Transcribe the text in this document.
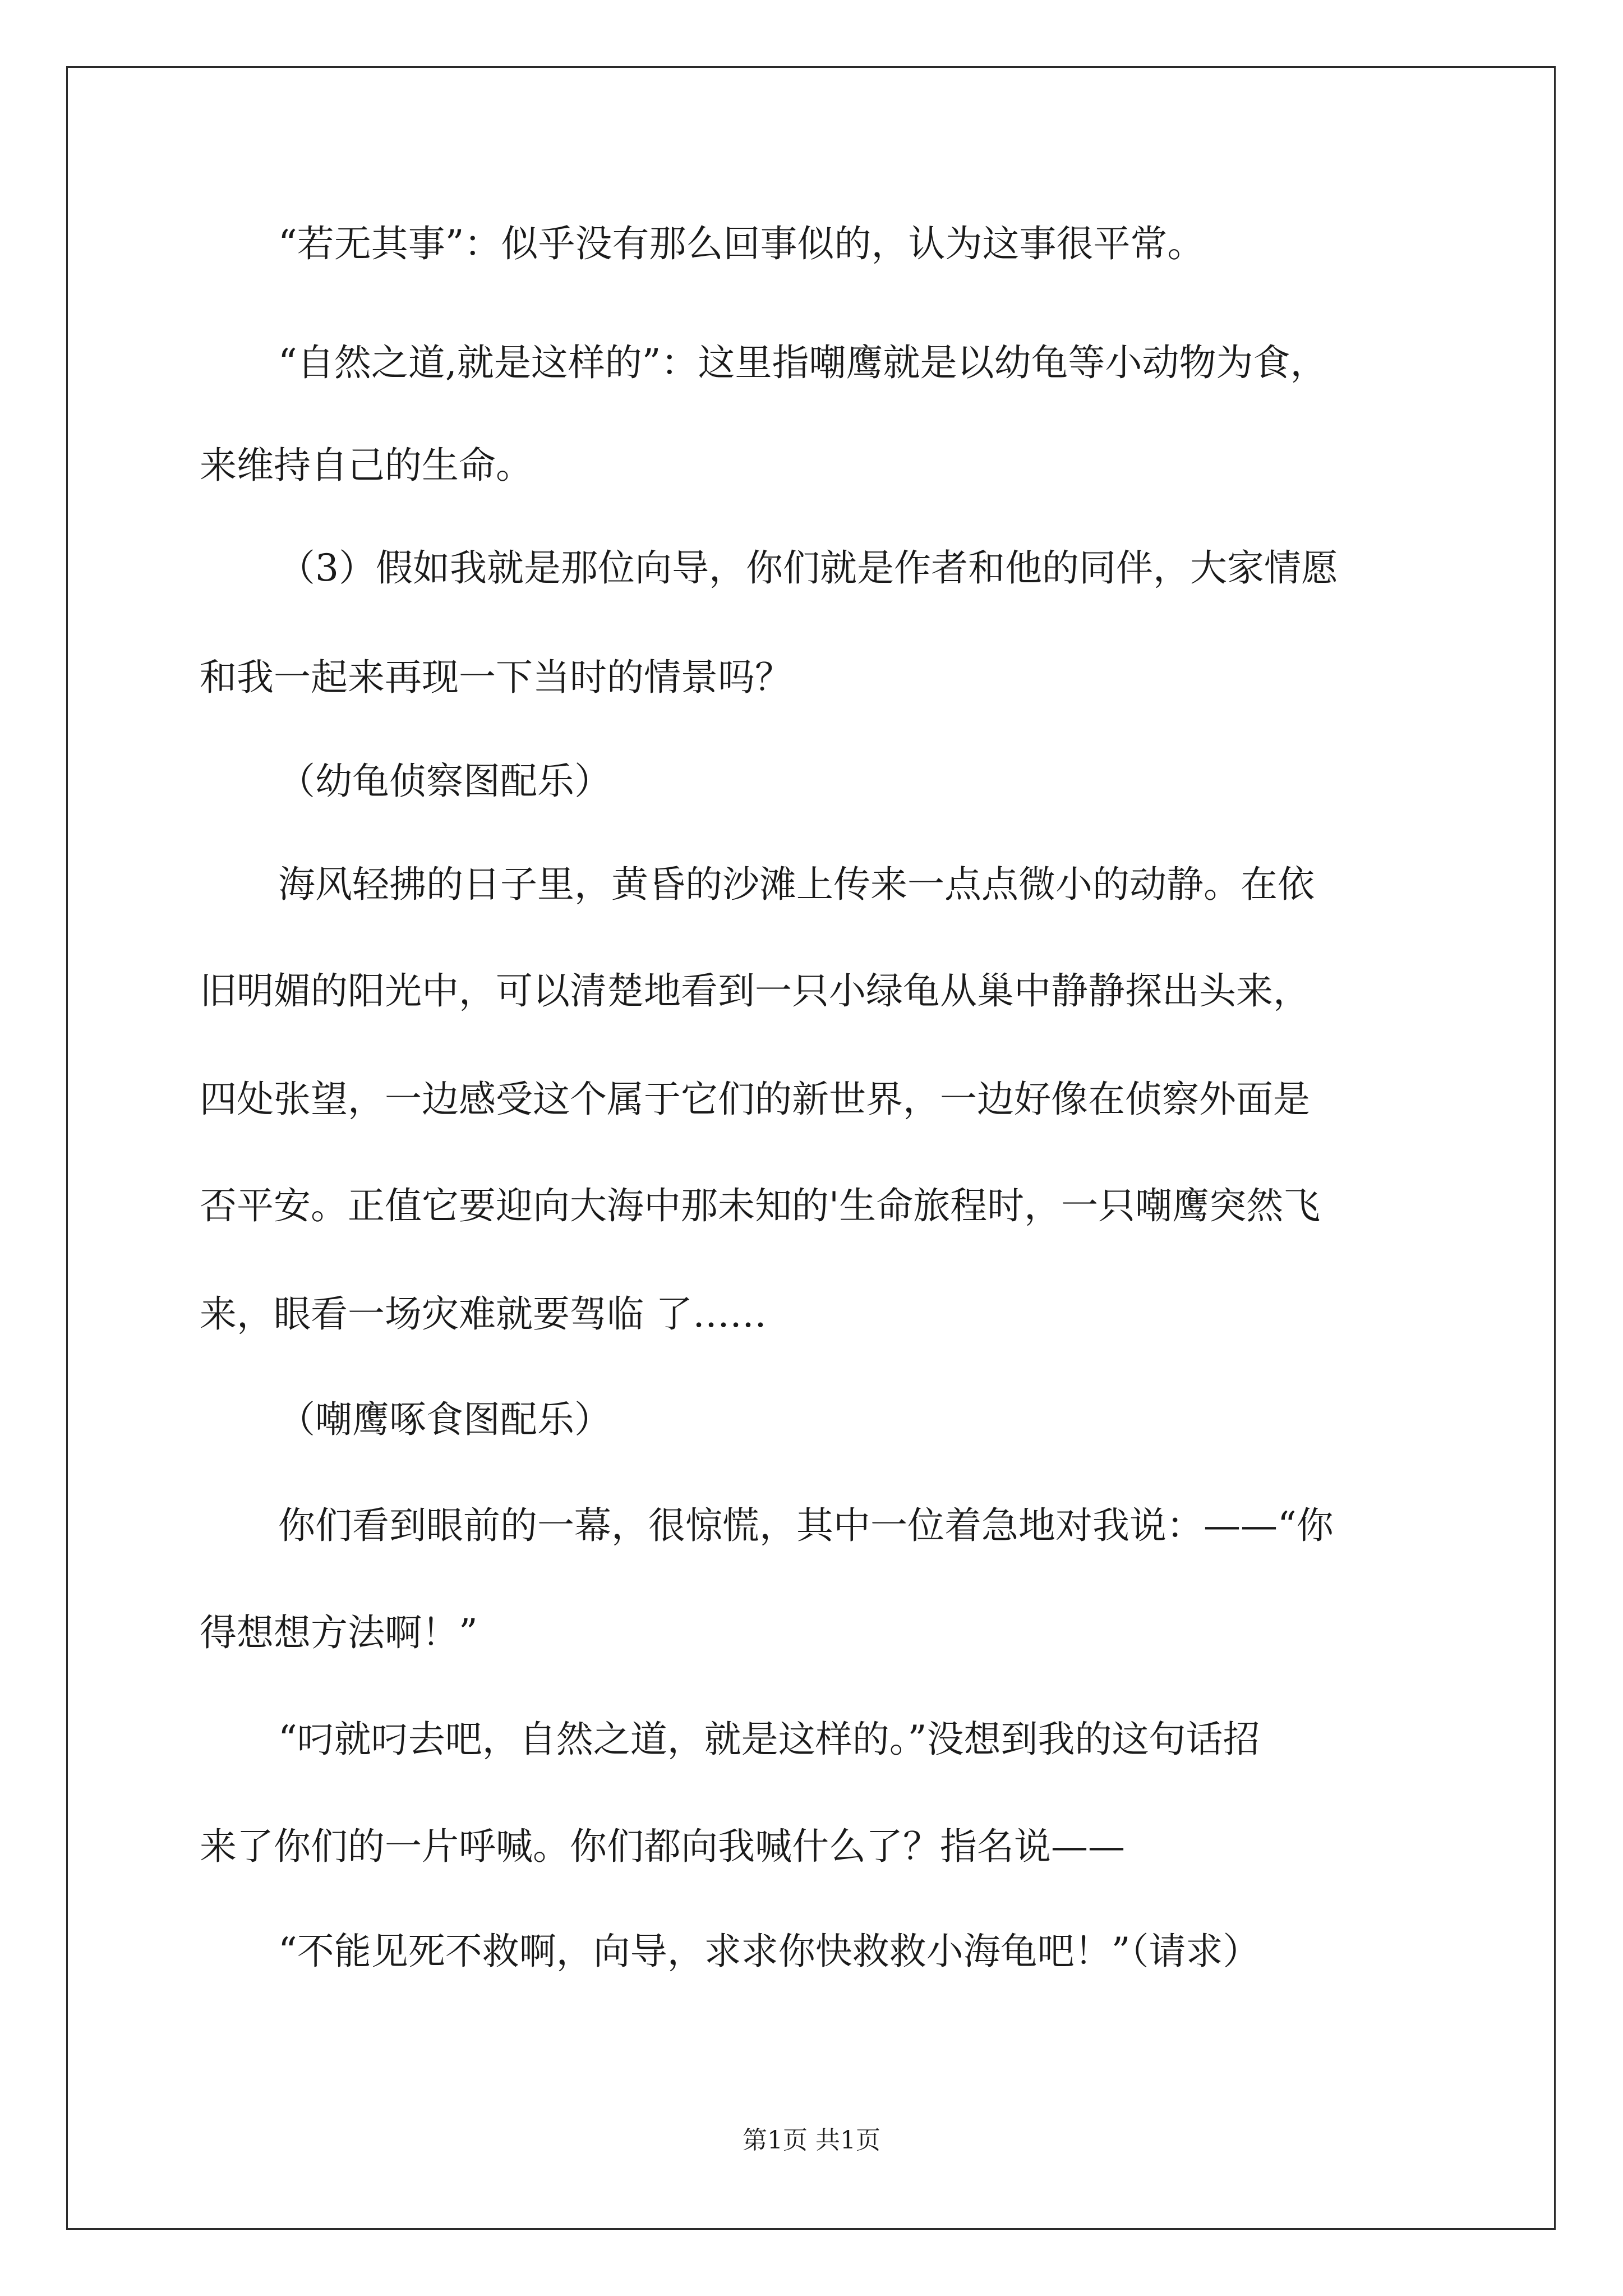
“若无其事”：似乎没有那么回事似的，认为这事很平常。

“自然之道,就是这样的”：这里指嘲鹰就是以幼龟等小动物为食，

来维持自己的生命。

（3）假如我就是那位向导，你们就是作者和他的同伴，大家情愿

和我一起来再现一下当时的情景吗？

（幼龟侦察图配乐）

海风轻拂的日子里，黄昏的沙滩上传来一点点微小的动静。在依

旧明媚的阳光中，可以清楚地看到一只小绿龟从巢中静静探出头来，

四处张望，一边感受这个属于它们的新世界，一边好像在侦察外面是

否平安。正值它要迎向大海中那未知的'生命旅程时，一只嘲鹰突然飞

来，眼看一场灾难就要驾临 了……

（嘲鹰啄食图配乐）

你们看到眼前的一幕，很惊慌，其中一位着急地对我说：——“你

得想想方法啊！”

“叼就叼去吧，自然之道，就是这样的。”没想到我的这句话招

来了你们的一片呼喊。你们都向我喊什么了？指名说——

“不能见死不救啊，向导，求求你快救救小海龟吧！”（请求）

第1页 共1页
